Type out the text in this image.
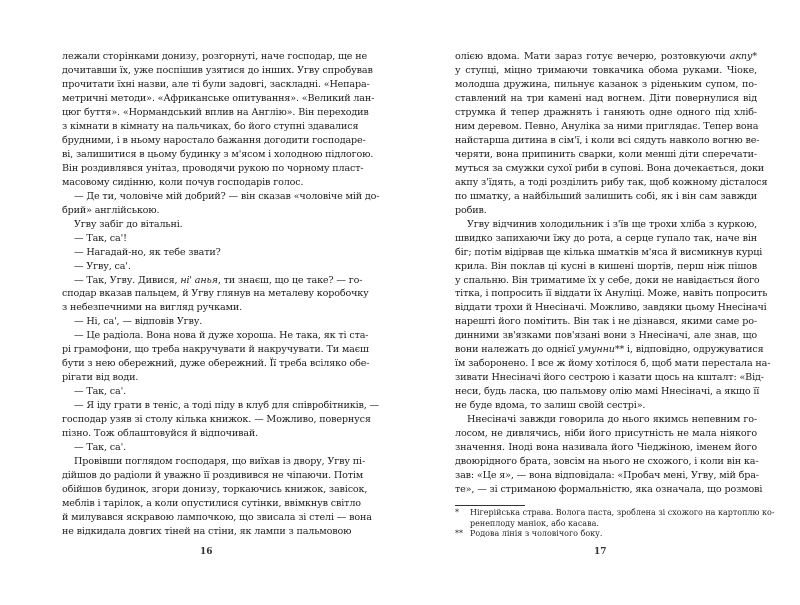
лежали сторінками донизу, розгорнуті, наче господар, ще не
дочитавши їх, уже поспішив узятися до інших. Угву спробував
прочитати їхні назви, але ті були задовгі, заскладні. «Непара-
метричні методи». «Африканське опитування». «Великий лан-
цюг буття». «Нормандський вплив на Англію». Він переходив
з кімнати в кімнату на пальчиках, бо його ступні здавалися
брудними, і в ньому наростало бажання догодити господаре-
ві, залишитися в цьому будинку з м'ясом і холодною підлогою.
Він роздивлявся унітаз, проводячи рукою по чорному пласт-
масовому сидінню, коли почув господарів голос.
— Де ти, чоловіче мій добрий? — він сказав «чоловіче мій до-
брий» англійською.
Угву забіг до вітальні.
— Так, са'!
— Нагадай-но, як тебе звати?
— Угву, са'.
— Так, Угву. Дивися, ні' анья, ти знаєш, що це таке? — го-
сподар вказав пальцем, й Угву глянув на металеву коробочку
з небезпечними на вигляд ручками.
— Ні, са', — відповів Угву.
— Це радіола. Вона нова й дуже хороша. Не така, як ті ста-
рі грамофони, що треба накручувати й накручувати. Ти маєш
бути з нею обережний, дуже обережний. Її треба всіляко обе-
рігати від води.
— Так, са'.
— Я іду грати в теніс, а тоді піду в клуб для співробітників, —
господар узяв зі столу кілька книжок. — Можливо, повернуся
пізно. Тож облаштовуйся й відпочивай.
— Так, са'.
Провівши поглядом господаря, що виїхав із двору, Угву пі-
дійшов до радіоли й уважно її роздивився не чіпаючи. Потім
обійшов будинок, згори донизу, торкаючись книжок, завісок,
меблів і тарілок, а коли опустилися сутінки, ввімкнув світло
й милувався яскравою лампочкою, що звисала зі стелі — вона
не відкидала довгих тіней на стіни, як лампи з пальмовою
16
олією вдома. Мати зараз готує вечерю, розтовкуючи акпу*
у ступці, міцно тримаючи товкачика обома руками. Чіоке,
молодша дружина, пильнує казанок з ріденьким супом, по-
ставлений на три камені над вогнем. Діти повернулися від
струмка й тепер дражнять і ганяють одне одного під хліб-
ним деревом. Певно, Ануліка за ними приглядає. Тепер вона
найстарша дитина в сім'ї, і коли всі сядуть навколо вогню ве-
черяти, вона припинить сварки, коли менші діти сперечати-
муться за смужки сухої риби в супові. Вона дочекається, доки
акпу з'їдять, а тоді розділить рибу так, щоб кожному дісталося
по шматку, а найбільший залишить собі, як і він сам завжди
робив.
Угву відчинив холодильник і з'їв ще трохи хліба з куркою,
швидко запихаючи їжу до рота, а серце гупало так, наче він
біг; потім відірвав ще кілька шматків м'яса й висмикнув курці
крила. Він поклав ці кусні в кишені шортів, перш ніж пішов
у спальню. Він триматиме їх у себе, доки не навідається його
тітка, і попросить її віддати їх Ануліці. Може, навіть попросить
віддати трохи й Ннесіначі. Можливо, завдяки цьому Ннесіначі
нарешті його помітить. Він так і не дізнався, якими саме ро-
динними зв'язками пов'язані вони з Ннесіначі, але знав, що
вони належать до однієї умунни** і, відповідно, одружуватися
їм заборонено. І все ж йому хотілося б, щоб мати перестала на-
зивати Ннесіначі його сестрою і казати щось на кшталт: «Від-
неси, будь ласка, цю пальмову олію мамі Ннесіначі, а якщо її
не буде вдома, то залиш своїй сестрі».
Ннесіначі завжди говорила до нього якимсь непевним го-
лосом, не дивлячись, ніби його присутність не мала ніякого
значення. Іноді вона називала його Чіеджіною, іменем його
двоюрідного брата, зовсім на нього не схожого, і коли він ка-
зав: «Це я», — вона відповідала: «Пробач мені, Угву, мій бра-
те», — зі стриманою формальністю, яка означала, що розмові
* Нігерійська страва. Волога паста, зроблена зі схожого на картоплю ко-
ренеплоду маніок, або касава.
** Родова лінія з чоловічого боку.
17
